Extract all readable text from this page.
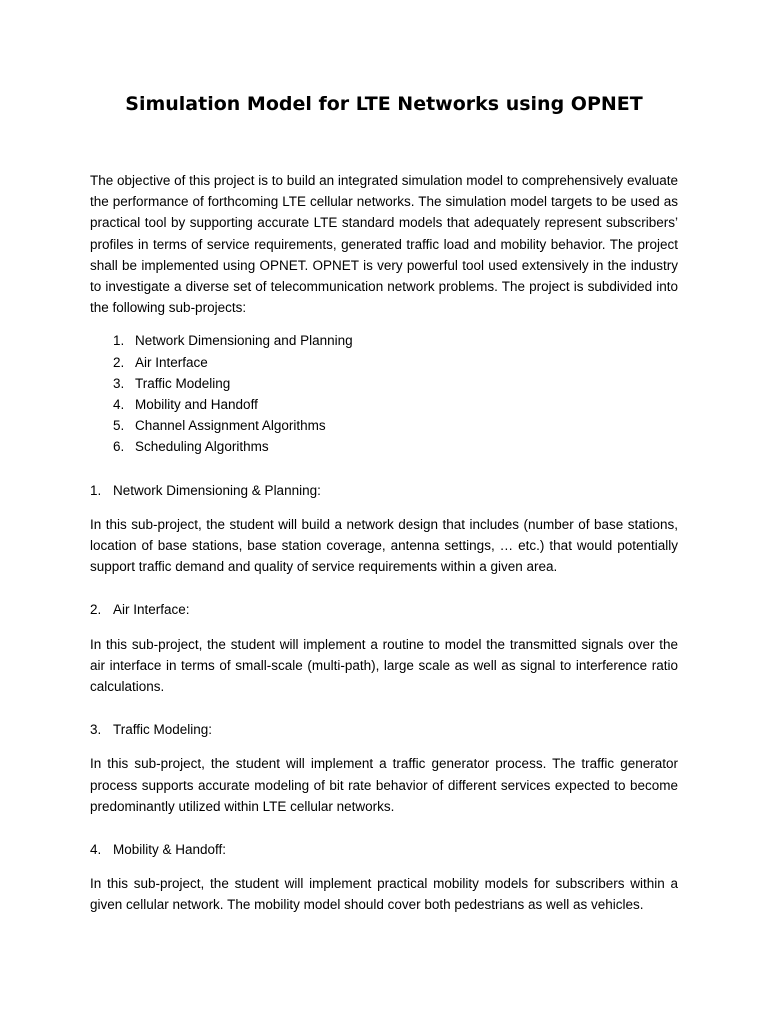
Simulation Model for LTE Networks using OPNET

The objective of this project is to build an integrated simulation model to comprehensively evaluate the performance of forthcoming LTE cellular networks. The simulation model targets to be used as practical tool by supporting accurate LTE standard models that adequately represent subscribers’ profiles in terms of service requirements, generated traffic load and mobility behavior. The project shall be implemented using OPNET. OPNET is very powerful tool used extensively in the industry to investigate a diverse set of telecommunication network problems. The project is subdivided into the following sub-projects:

1. Network Dimensioning and Planning
2. Air Interface
3. Traffic Modeling
4. Mobility and Handoff
5. Channel Assignment Algorithms
6. Scheduling Algorithms
1. Network Dimensioning & Planning:

In this sub-project, the student will build a network design that includes (number of base stations, location of base stations, base station coverage, antenna settings, … etc.) that would potentially support traffic demand and quality of service requirements within a given area.

2. Air Interface:

In this sub-project, the student will implement a routine to model the transmitted signals over the air interface in terms of small-scale (multi-path), large scale as well as signal to interference ratio calculations.

3. Traffic Modeling:

In this sub-project, the student will implement a traffic generator process. The traffic generator process supports accurate modeling of bit rate behavior of different services expected to become predominantly utilized within LTE cellular networks.

4. Mobility & Handoff:

In this sub-project, the student will implement practical mobility models for subscribers within a given cellular network. The mobility model should cover both pedestrians as well as vehicles.
